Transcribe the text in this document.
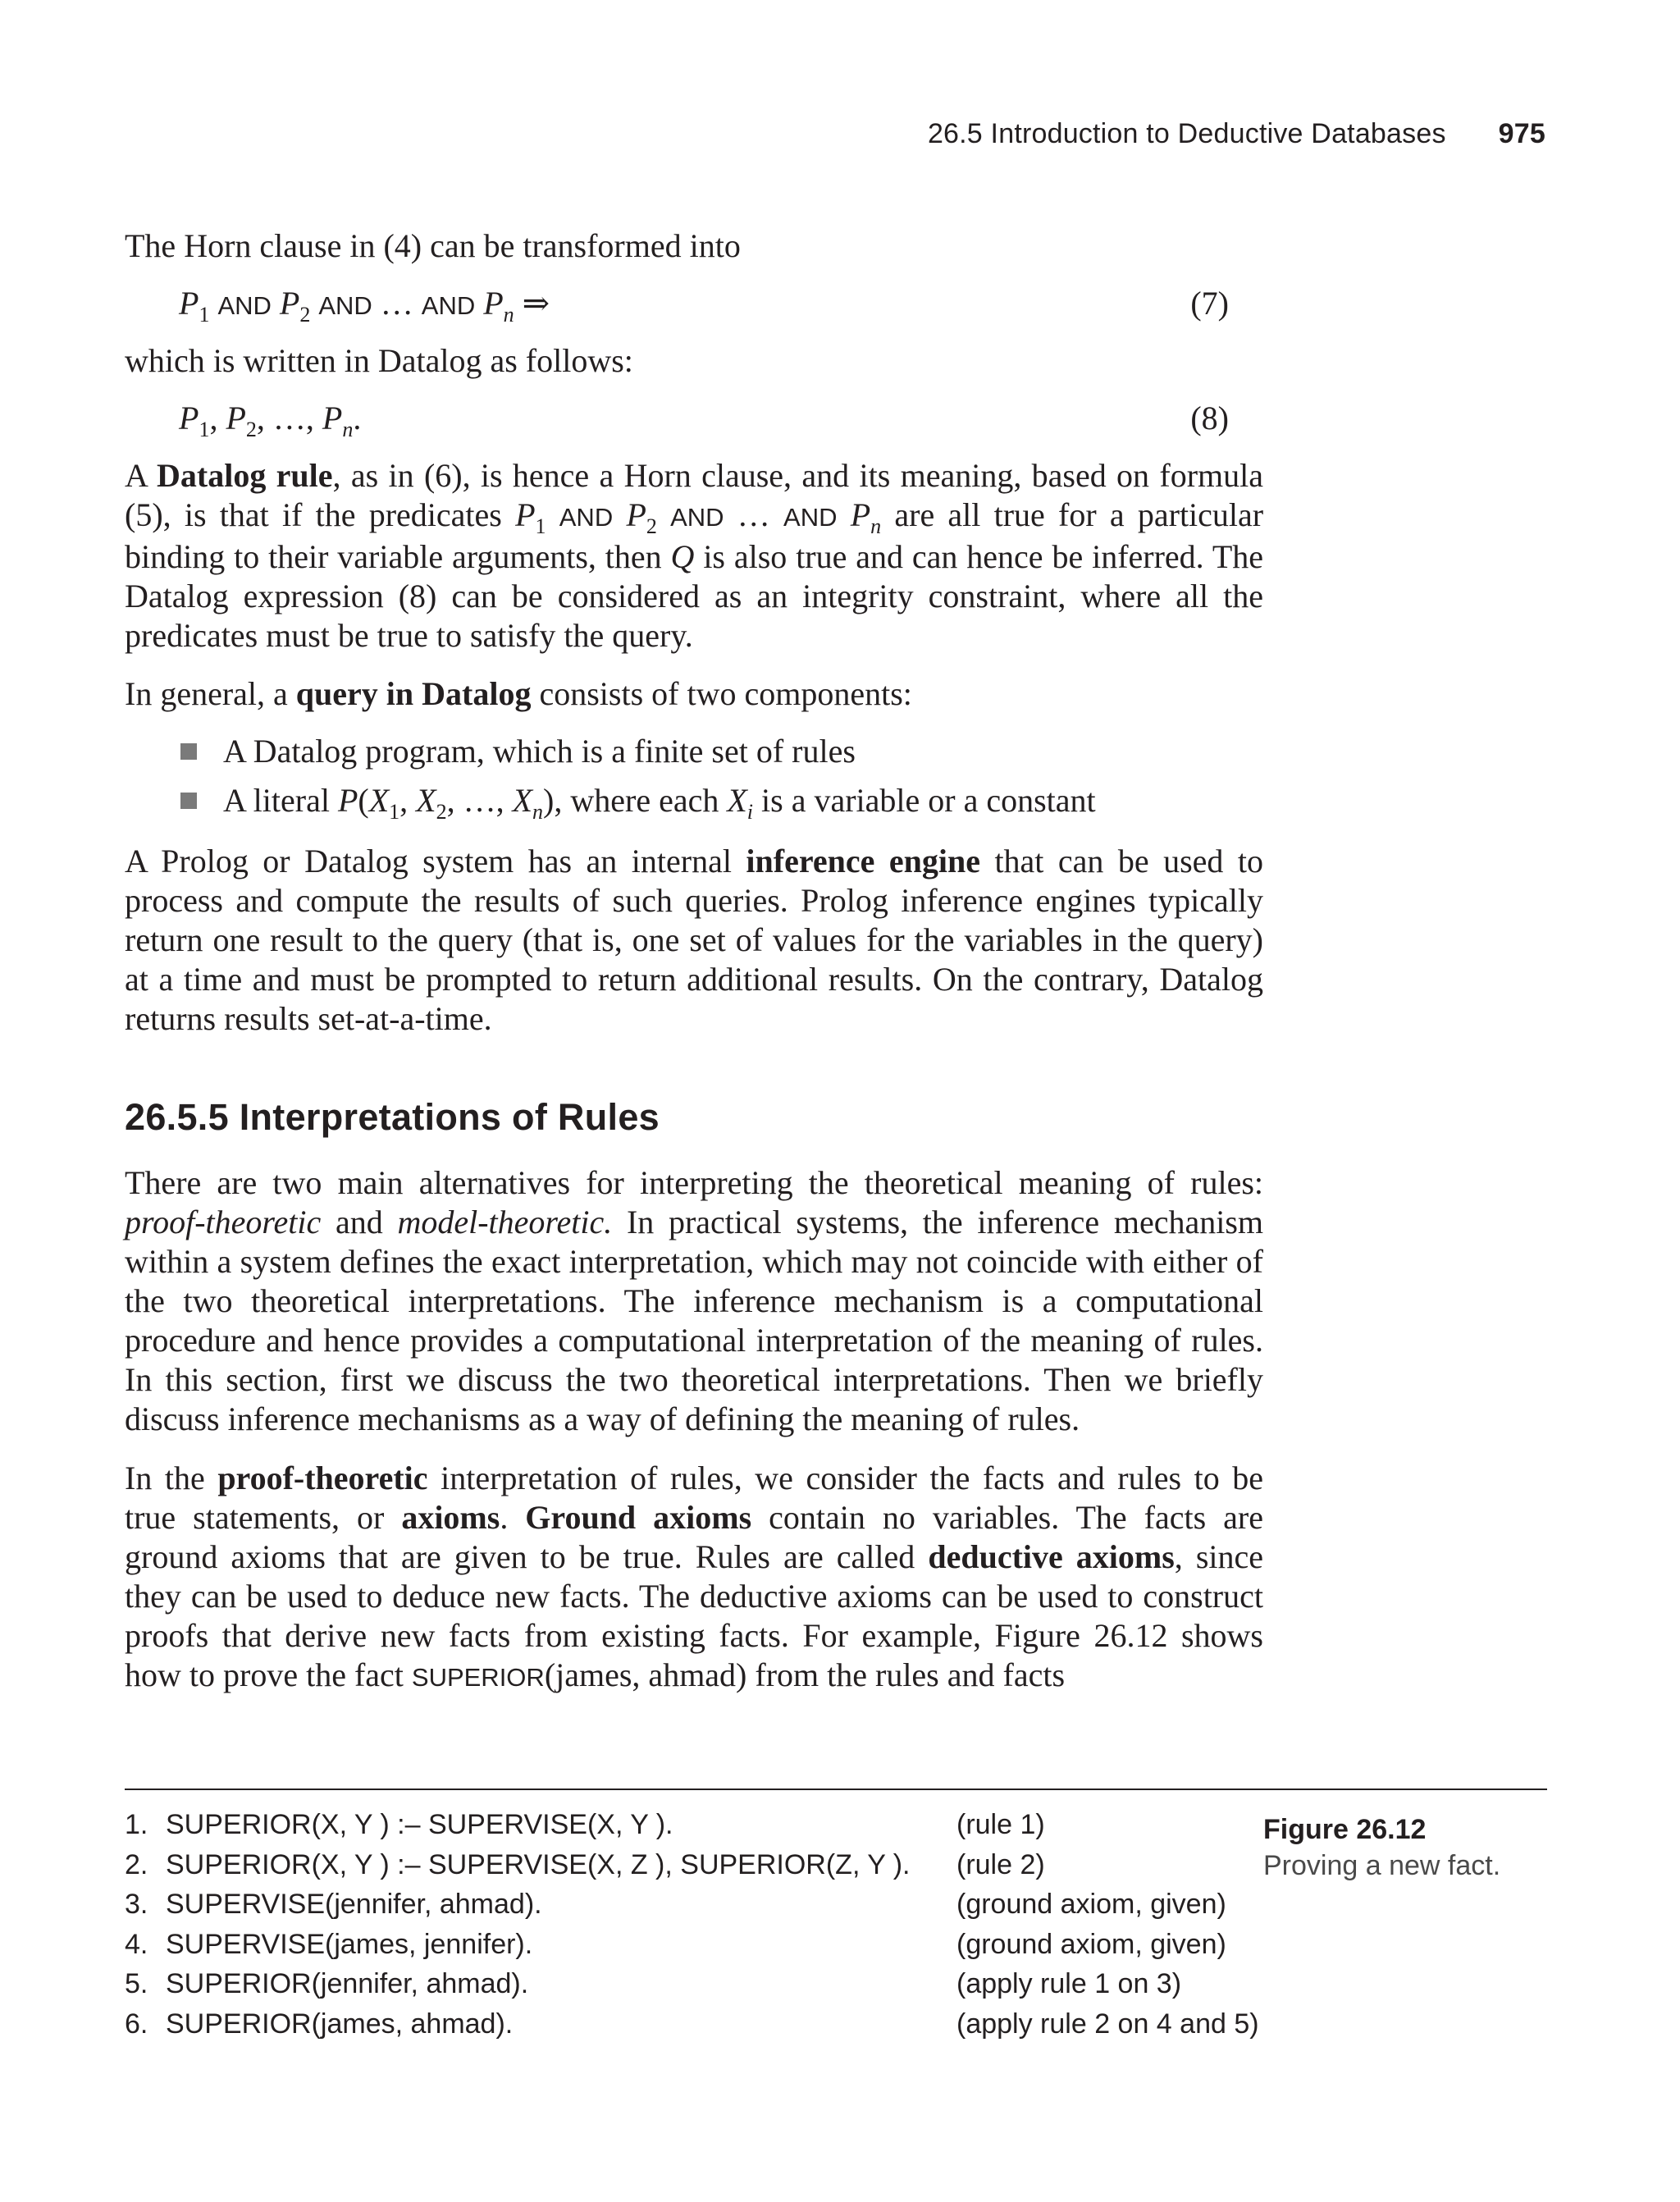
26.5 Introduction to Deductive Databases 975

The Horn clause in (4) can be transformed into

$P_1$ AND $P_2$ AND … AND $P_n$ ⇒	(7)

which is written in Datalog as follows:

$P_1$, $P_2$, …, $P_n$.	(8)

A Datalog rule, as in (6), is hence a Horn clause, and its meaning, based on formula (5), is that if the predicates $P_1$ AND $P_2$ AND … AND $P_n$ are all true for a particular binding to their variable arguments, then Q is also true and can hence be inferred. The Datalog expression (8) can be considered as an integrity constraint, where all the predicates must be true to satisfy the query.

In general, a query in Datalog consists of two components:

A Datalog program, which is a finite set of rules
A literal $P(X_1$, $X_2$, …, $X_n$), where each $X_i$ is a variable or a constant

A Prolog or Datalog system has an internal inference engine that can be used to process and compute the results of such queries. Prolog inference engines typically return one result to the query (that is, one set of values for the variables in the query) at a time and must be prompted to return additional results. On the contrary, Datalog returns results set-at-a-time.

26.5.5 Interpretations of Rules

There are two main alternatives for interpreting the theoretical meaning of rules: proof-theoretic and model-theoretic. In practical systems, the inference mechanism within a system defines the exact interpretation, which may not coincide with either of the two theoretical interpretations. The inference mechanism is a computational procedure and hence provides a computational interpretation of the meaning of rules. In this section, first we discuss the two theoretical interpretations. Then we briefly discuss inference mechanisms as a way of defining the meaning of rules.

In the proof-theoretic interpretation of rules, we consider the facts and rules to be true statements, or axioms. Ground axioms contain no variables. The facts are ground axioms that are given to be true. Rules are called deductive axioms, since they can be used to deduce new facts. The deductive axioms can be used to construct proofs that derive new facts from existing facts. For example, Figure 26.12 shows how to prove the fact SUPERIOR(james, ahmad) from the rules and facts

1. SUPERIOR(X, Y ) :– SUPERVISE(X, Y ).	(rule 1)
2. SUPERIOR(X, Y ) :– SUPERVISE(X, Z ), SUPERIOR(Z, Y ). (rule 2)
3. SUPERVISE(jennifer, ahmad).	(ground axiom, given)
4. SUPERVISE(james, jennifer).	(ground axiom, given)
5. SUPERIOR(jennifer, ahmad).	(apply rule 1 on 3)
6. SUPERIOR(james, ahmad).	(apply rule 2 on 4 and 5)
Figure 26.12
Proving a new fact.
